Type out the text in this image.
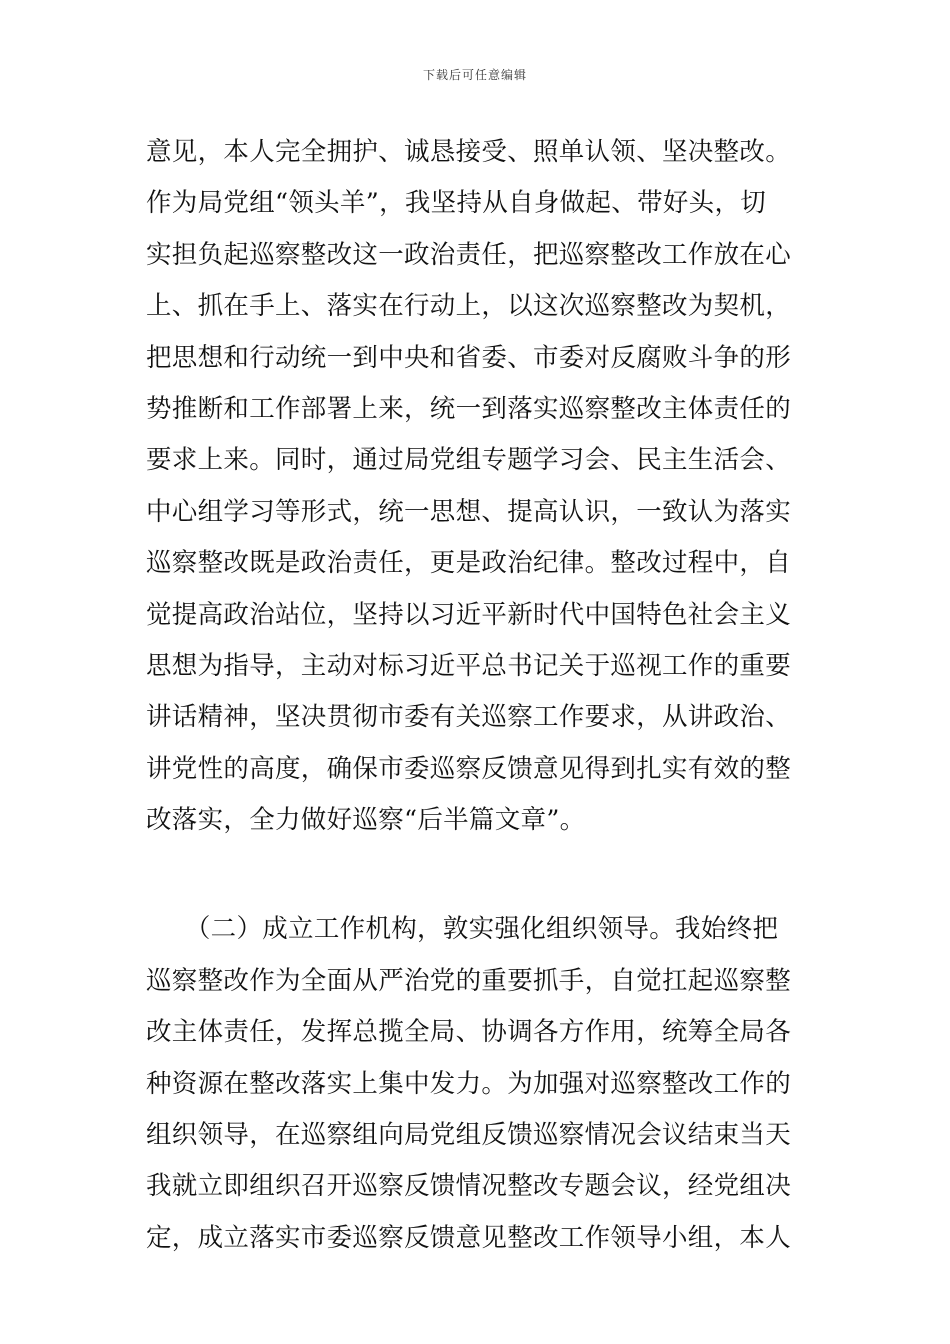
下载后可任意编辑
意见，本人完全拥护、诚恳接受、照单认领、坚决整改。
作为局党组“领头羊”，我坚持从自身做起、带好头，切
实担负起巡察整改这一政治责任，把巡察整改工作放在心
上、抓在手上、落实在行动上，以这次巡察整改为契机，
把思想和行动统一到中央和省委、市委对反腐败斗争的形
势推断和工作部署上来，统一到落实巡察整改主体责任的
要求上来。同时，通过局党组专题学习会、民主生活会、
中心组学习等形式，统一思想、提高认识，一致认为落实
巡察整改既是政治责任，更是政治纪律。整改过程中，自
觉提高政治站位，坚持以习近平新时代中国特色社会主义
思想为指导，主动对标习近平总书记关于巡视工作的重要
讲话精神，坚决贯彻市委有关巡察工作要求，从讲政治、
讲党性的高度，确保市委巡察反馈意见得到扎实有效的整
改落实，全力做好巡察“后半篇文章”。
　　（二）成立工作机构，敦实强化组织领导。我始终把
巡察整改作为全面从严治党的重要抓手，自觉扛起巡察整
改主体责任，发挥总揽全局、协调各方作用，统筹全局各
种资源在整改落实上集中发力。为加强对巡察整改工作的
组织领导，在巡察组向局党组反馈巡察情况会议结束当天
我就立即组织召开巡察反馈情况整改专题会议，经党组决
定，成立落实市委巡察反馈意见整改工作领导小组，本人
